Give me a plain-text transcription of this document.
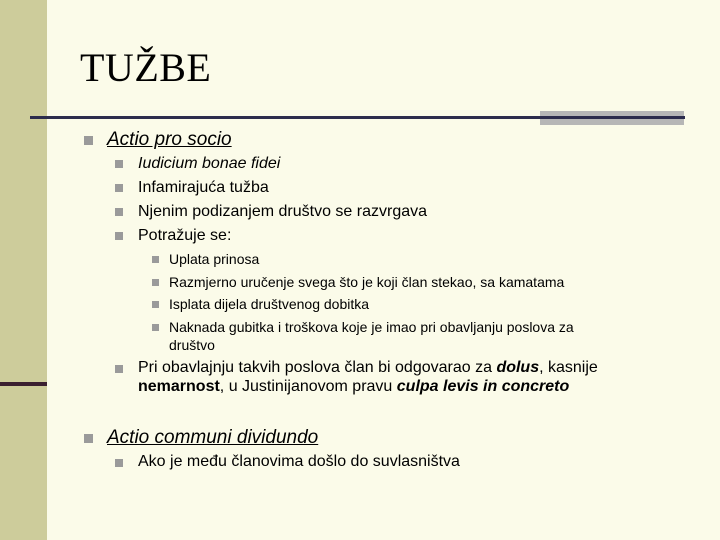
TUŽBE
Actio pro socio
Iudicium bonae fidei
Infamirajuća tužba
Njenim podizanjem društvo se razvrgava
Potražuje se:
Uplata prinosa
Razmjerno uručenje svega što je koji član stekao, sa kamatama
Isplata dijela društvenog dobitka
Naknada gubitka i troškova koje je imao pri obavljanju poslova za
društvo
Pri obavlajnju takvih poslova član bi odgovarao za dolus, kasnije
nemarnost, u Justinijanovom pravu culpa levis in concreto
Actio communi dividundo
Ako je među članovima došlo do suvlasništva
